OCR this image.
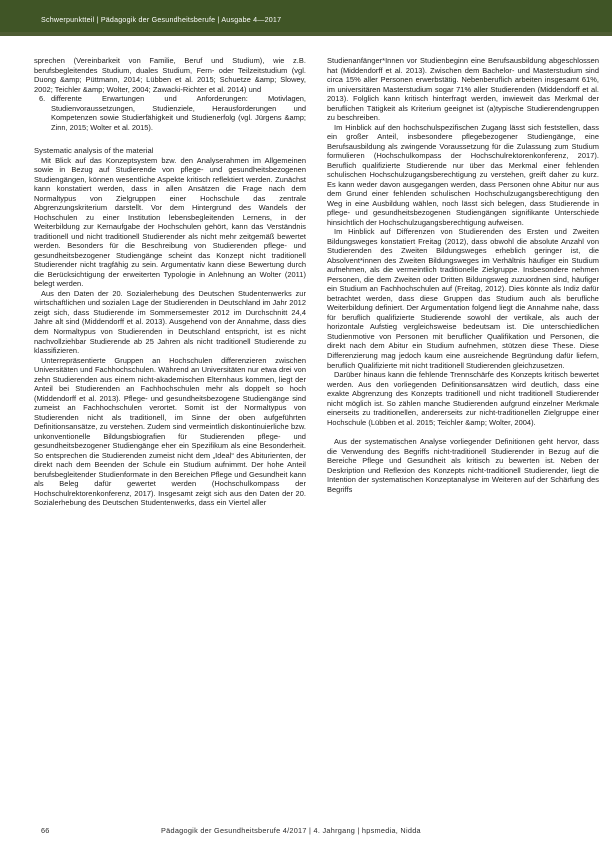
Schwerpunktteil | Pädagogik der Gesundheitsberufe | Ausgabe 4—2017

sprechen (Vereinbarkeit von Familie, Beruf und Studium), wie z.B. berufsbegleitendes Studium, duales Studium, Fern- oder Teilzeitstudium (vgl. Duong &amp; Püttmann, 2014; Lübben et al. 2015; Schuetze &amp; Slowey, 2002; Teichler &amp; Wolter, 2004; Zawacki-Richter et al. 2014) und

6. differente Erwartungen und Anforderungen: Motivlagen, Studienvoraussetzungen, Studienziele, Herausforderungen und Kompetenzen sowie Studierfähigkeit und Studienerfolg (vgl. Jürgens &amp; Zinn, 2015; Wolter et al. 2015).
Systematic analysis of the material

Mit Blick auf das Konzeptsystem bzw. den Analyserahmen im Allgemeinen sowie in Bezug auf Studierende von pflege- und gesundheitsbezogenen Studiengängen, können wesentliche Aspekte kritisch reflektiert werden. Zunächst kann konstatiert werden, dass in allen Ansätzen die Frage nach dem Normaltypus von Zielgruppen einer Hochschule das zentrale Abgrenzungskriterium darstellt. Vor dem Hintergrund des Wandels der Hochschulen zu einer Institution lebensbegleitenden Lernens, in der Weiterbildung zur Kernaufgabe der Hochschulen gehört, kann das Verständnis traditionell und nicht traditionell Studierender als nicht mehr zeitgemäß bewertet werden. Besonders für die Beschreibung von Studierenden pflege- und gesundheitsbezogener Studiengänge scheint das Konzept nicht traditionell Studierender nicht tragfähig zu sein. Argumentativ kann diese Bewertung durch die Berücksichtigung der erweiterten Typologie in Anlehnung an Wolter (2011) belegt werden.

Aus den Daten der 20. Sozialerhebung des Deutschen Studentenwerks zur wirtschaftlichen und sozialen Lage der Studierenden in Deutschland im Jahr 2012 zeigt sich, dass Studierende im Sommersemester 2012 im Durchschnitt 24,4 Jahre alt sind (Middendorff et al. 2013). Ausgehend von der Annahme, dass dies dem Normaltypus von Studierenden in Deutschland entspricht, ist es nicht nachvollziehbar Studierende ab 25 Jahren als nicht traditionell Studierende zu klassifizieren.

Unterrepräsentierte Gruppen an Hochschulen differenzieren zwischen Universitäten und Fachhochschulen. Während an Universitäten nur etwa drei von zehn Studierenden aus einem nicht-akademischen Elternhaus kommen, liegt der Anteil bei Studierenden an Fachhochschulen mehr als doppelt so hoch (Middendorff et al. 2013). Pflege- und gesundheitsbezogene Studiengänge sind zumeist an Fachhochschulen verortet. Somit ist der Normaltypus von Studierenden nicht als traditionell, im Sinne der oben aufgeführten Definitionsansätze, zu verstehen. Zudem sind vermeintlich diskontinuierliche bzw. unkonventionelle Bildungsbiografien für Studierenden pflege- und gesundheitsbezogener Studiengänge eher ein Spezifikum als eine Besonderheit. So entsprechen die Studierenden zumeist nicht dem „Ideal“ des Abiturienten, der direkt nach dem Beenden der Schule ein Studium aufnimmt. Der hohe Anteil berufsbegleitender Studienformate in den Bereichen Pflege und Gesundheit kann als Beleg dafür gewertet werden (Hochschulkompass der Hochschulrektorenkonferenz, 2017). Insgesamt zeigt sich aus den Daten der 20. Sozialerhebung des Deutschen Studentenwerks, dass ein Viertel aller

Studienanfänger*Innen vor Studienbeginn eine Berufsausbildung abgeschlossen hat (Middendorff et al. 2013). Zwischen dem Bachelor- und Masterstudium sind circa 15% aller Personen erwerbstätig. Nebenberuflich arbeiten insgesamt 61%, im universitären Masterstudium sogar 71% aller Studierenden (Middendorff et al. 2013). Folglich kann kritisch hinterfragt werden, inwieweit das Merkmal der beruflichen Tätigkeit als Kriterium geeignet ist (a)typische Studierendengruppen zu beschreiben.

Im Hinblick auf den hochschulspezifischen Zugang lässt sich feststellen, dass ein großer Anteil, insbesondere pflegebezogener Studiengänge, eine Berufsausbildung als zwingende Voraussetzung für die Zulassung zum Studium formulieren (Hochschulkompass der Hochschulrektorenkonferenz, 2017). Beruflich qualifizierte Studierende nur über das Merkmal einer fehlenden schulischen Hochschulzugangsberechtigung zu verstehen, greift daher zu kurz. Es kann weder davon ausgegangen werden, dass Personen ohne Abitur nur aus dem Grund einer fehlenden schulischen Hochschulzugangsberechtigung den Weg in eine Ausbildung wählen, noch lässt sich belegen, dass Studierende in pflege- und gesundheitsbezogenen Studiengängen signifikante Unterschiede hinsichtlich der Hochschulzugangsberechtigung aufweisen.

Im Hinblick auf Differenzen von Studierenden des Ersten und Zweiten Bildungsweges konstatiert Freitag (2012), dass obwohl die absolute Anzahl von Studierenden des Zweiten Bildungsweges erheblich geringer ist, die Absolvent*innen des Zweiten Bildungsweges im Verhältnis häufiger ein Studium aufnehmen, als die vermeintlich traditionelle Zielgruppe. Insbesondere nehmen Personen, die dem Zweiten oder Dritten Bildungsweg zuzuordnen sind, häufiger ein Studium an Fachhochschulen auf (Freitag, 2012). Dies könnte als Indiz dafür betrachtet werden, dass diese Gruppen das Studium auch als berufliche Weiterbildung definiert. Der Argumentation folgend liegt die Annahme nahe, dass für beruflich qualifizierte Studierende sowohl der vertikale, als auch der horizontale Aufstieg vergleichsweise bedeutsam ist. Die unterschiedlichen Studienmotive von Personen mit beruflicher Qualifikation und Personen, die direkt nach dem Abitur ein Studium aufnehmen, stützen diese These. Diese Differenzierung mag jedoch kaum eine ausreichende Begründung dafür liefern, beruflich Qualifizierte mit nicht traditionell Studierenden gleichzusetzen.

Darüber hinaus kann die fehlende Trennschärfe des Konzepts kritisch bewertet werden. Aus den vorliegenden Definitionsansätzen wird deutlich, dass eine exakte Abgrenzung des Konzepts traditionell und nicht traditionell Studierender nicht möglich ist. So zählen manche Studierenden aufgrund einzelner Merkmale einerseits zu traditionellen, andererseits zur nicht-traditionellen Zielgruppe einer Hochschule (Lübben et al. 2015; Teichler &amp; Wolter, 2004).

Aus der systematischen Analyse vorliegender Definitionen geht hervor, dass die Verwendung des Begriffs nicht-traditionell Studierender in Bezug auf die Bereiche Pflege und Gesundheit als kritisch zu bewerten ist. Neben der Deskription und Reflexion des Konzepts nicht-traditionell Studierender, liegt die Intention der systematischen Konzeptanalyse im Weiteren auf der Schärfung des Begriffs

66	Pädagogik der Gesundheitsberufe 4/2017 | 4. Jahrgang | hpsmedia, Nidda
